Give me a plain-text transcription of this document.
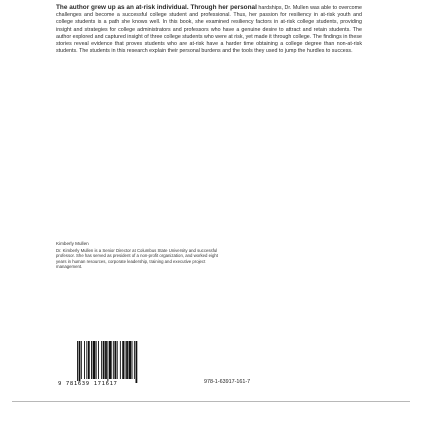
The author grew up as an at-risk individual. Through her personal hardships, Dr. Mullen was able to overcome challenges and become a successful college student and professional. Thus, her passion for resiliency in at-risk youth and college students is a path she knows well. In this book, she examined resiliency factors in at-risk college students, providing insight and strategies for college administrators and professors who have a genuine desire to attract and retain students. The author explored and captured insight of three college students who were at risk, yet made it through college. The findings in these stories reveal evidence that proves students who are at-risk have a harder time obtaining a college degree than non-at-risk students. The students in this research explain their personal burdens and the tools they used to jump the hurdles to success.

Kimberly Mullen
Dr. Kimberly Mullen is a Senior Director at Columbus State University and successful professor. She has served as president of a non-profit organization, and worked eight years in human resources, corporate leadership, training and executive project management.

9 781639 171617	978-1-63917-161-7
